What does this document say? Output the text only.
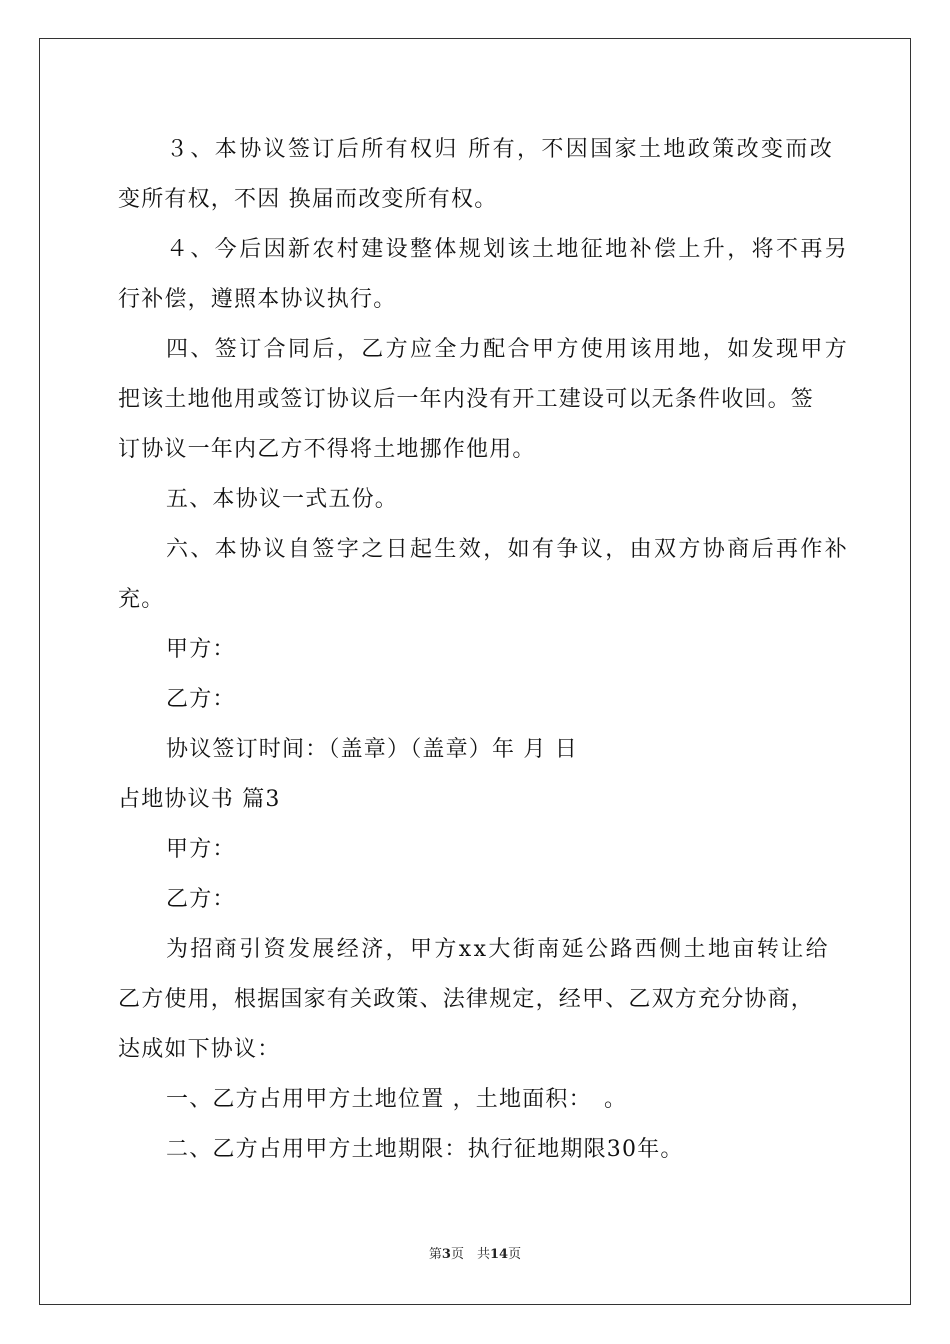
３、本协议签订后所有权归 所有，不因国家土地政策改变而改
变所有权，不因 换届而改变所有权。
４、今后因新农村建设整体规划该土地征地补偿上升，将不再另
行补偿，遵照本协议执行。
四、签订合同后，乙方应全力配合甲方使用该用地，如发现甲方
把该土地他用或签订协议后一年内没有开工建设可以无条件收回。签
订协议一年内乙方不得将土地挪作他用。
五、本协议一式五份。
六、本协议自签字之日起生效，如有争议，由双方协商后再作补
充。
甲方：
乙方：
协议签订时间：（盖章）（盖章）年 月 日
占地协议书 篇3
甲方：
乙方：
为招商引资发展经济，甲方xx大街南延公路西侧土地亩转让给
乙方使用，根据国家有关政策、法律规定，经甲、乙双方充分协商，
达成如下协议：
一、乙方占用甲方土地位置 ，土地面积：　。
二、乙方占用甲方土地期限：执行征地期限30年。
第3页　共14页
